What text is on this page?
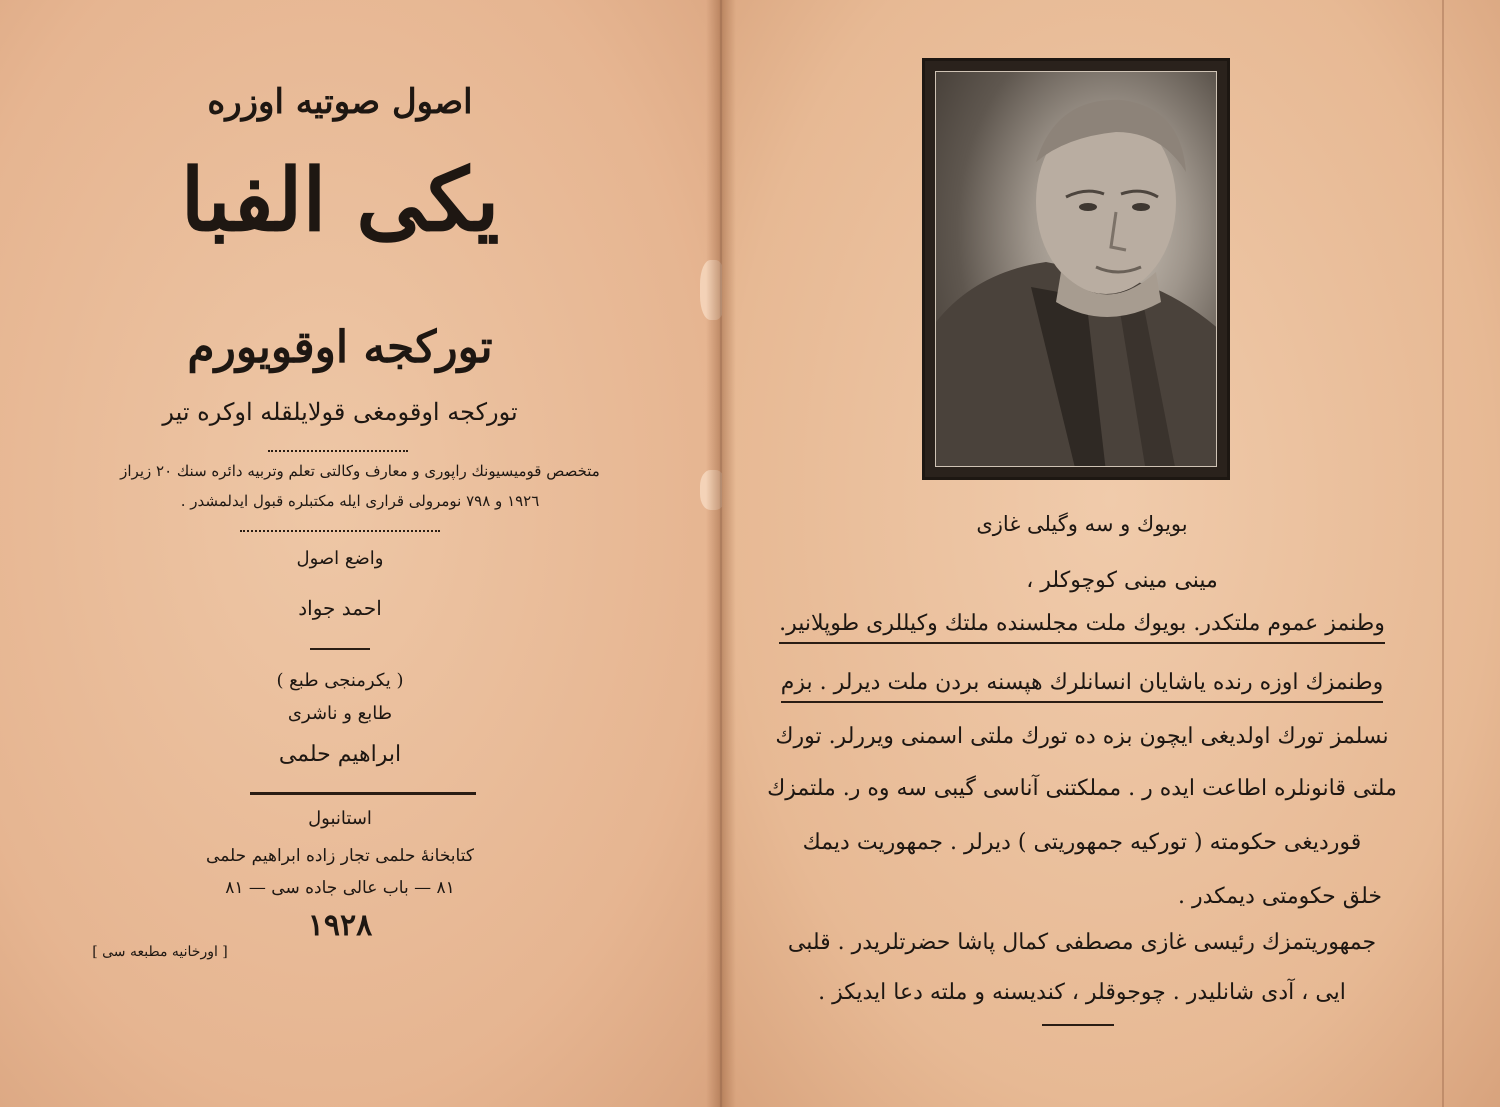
اصول صوتیه اوزره
یکی الفبا
تورکجه اوقویورم
تورکجه اوقومغی قولایلقله اوکره تیر
متخصص قومیسیونك راپوری و معارف وکالتی تعلم وتربیه دائره سنك ٢٠ زیراز
١٩٢٦ و ٧٩٨ نومرولی قراری ایله مکتبلره قبول ایدلمشدر .
واضع اصول
احمد جواد
( یکرمنجی طبع )
طابع و ناشری
ابراهیم حلمی
استانبول
کتابخانهٔ حلمی تجار زاده ابراهیم حلمی
٨١ — باب عالی جاده سی — ٨١
١٩٢٨
[ اورخانیه مطبعه سی ]
بویوك و سه وگیلی غازی
مینی مینی کوچوکلر ،
وطنمز عموم ملتكدر. بویوك ملت مجلسنده ملتك وکیللری طوپلانیر.
وطنمزك اوزه رنده یاشایان انسانلرك هپسنه بردن ملت دیرلر . بزم
نسلمز تورك اولدیغی ایچون بزه ده تورك ملتی اسمنی ویررلر. تورك
ملتی قانونلره اطاعت ایده ر . مملکتنی آناسی گیبی سه وه ر. ملتمزك
قوردیغی حکومته ( تورکیه جمهوریتی ) دیرلر . جمهوریت دیمك
خلق حکومتی دیمکدر .
جمهوریتمزك رئیسی غازی مصطفی کمال پاشا حضرتلریدر . قلبی
ایی ، آدی شانلیدر . چوجوقلر ، کندیسنه و ملته دعا ایدیکز .
